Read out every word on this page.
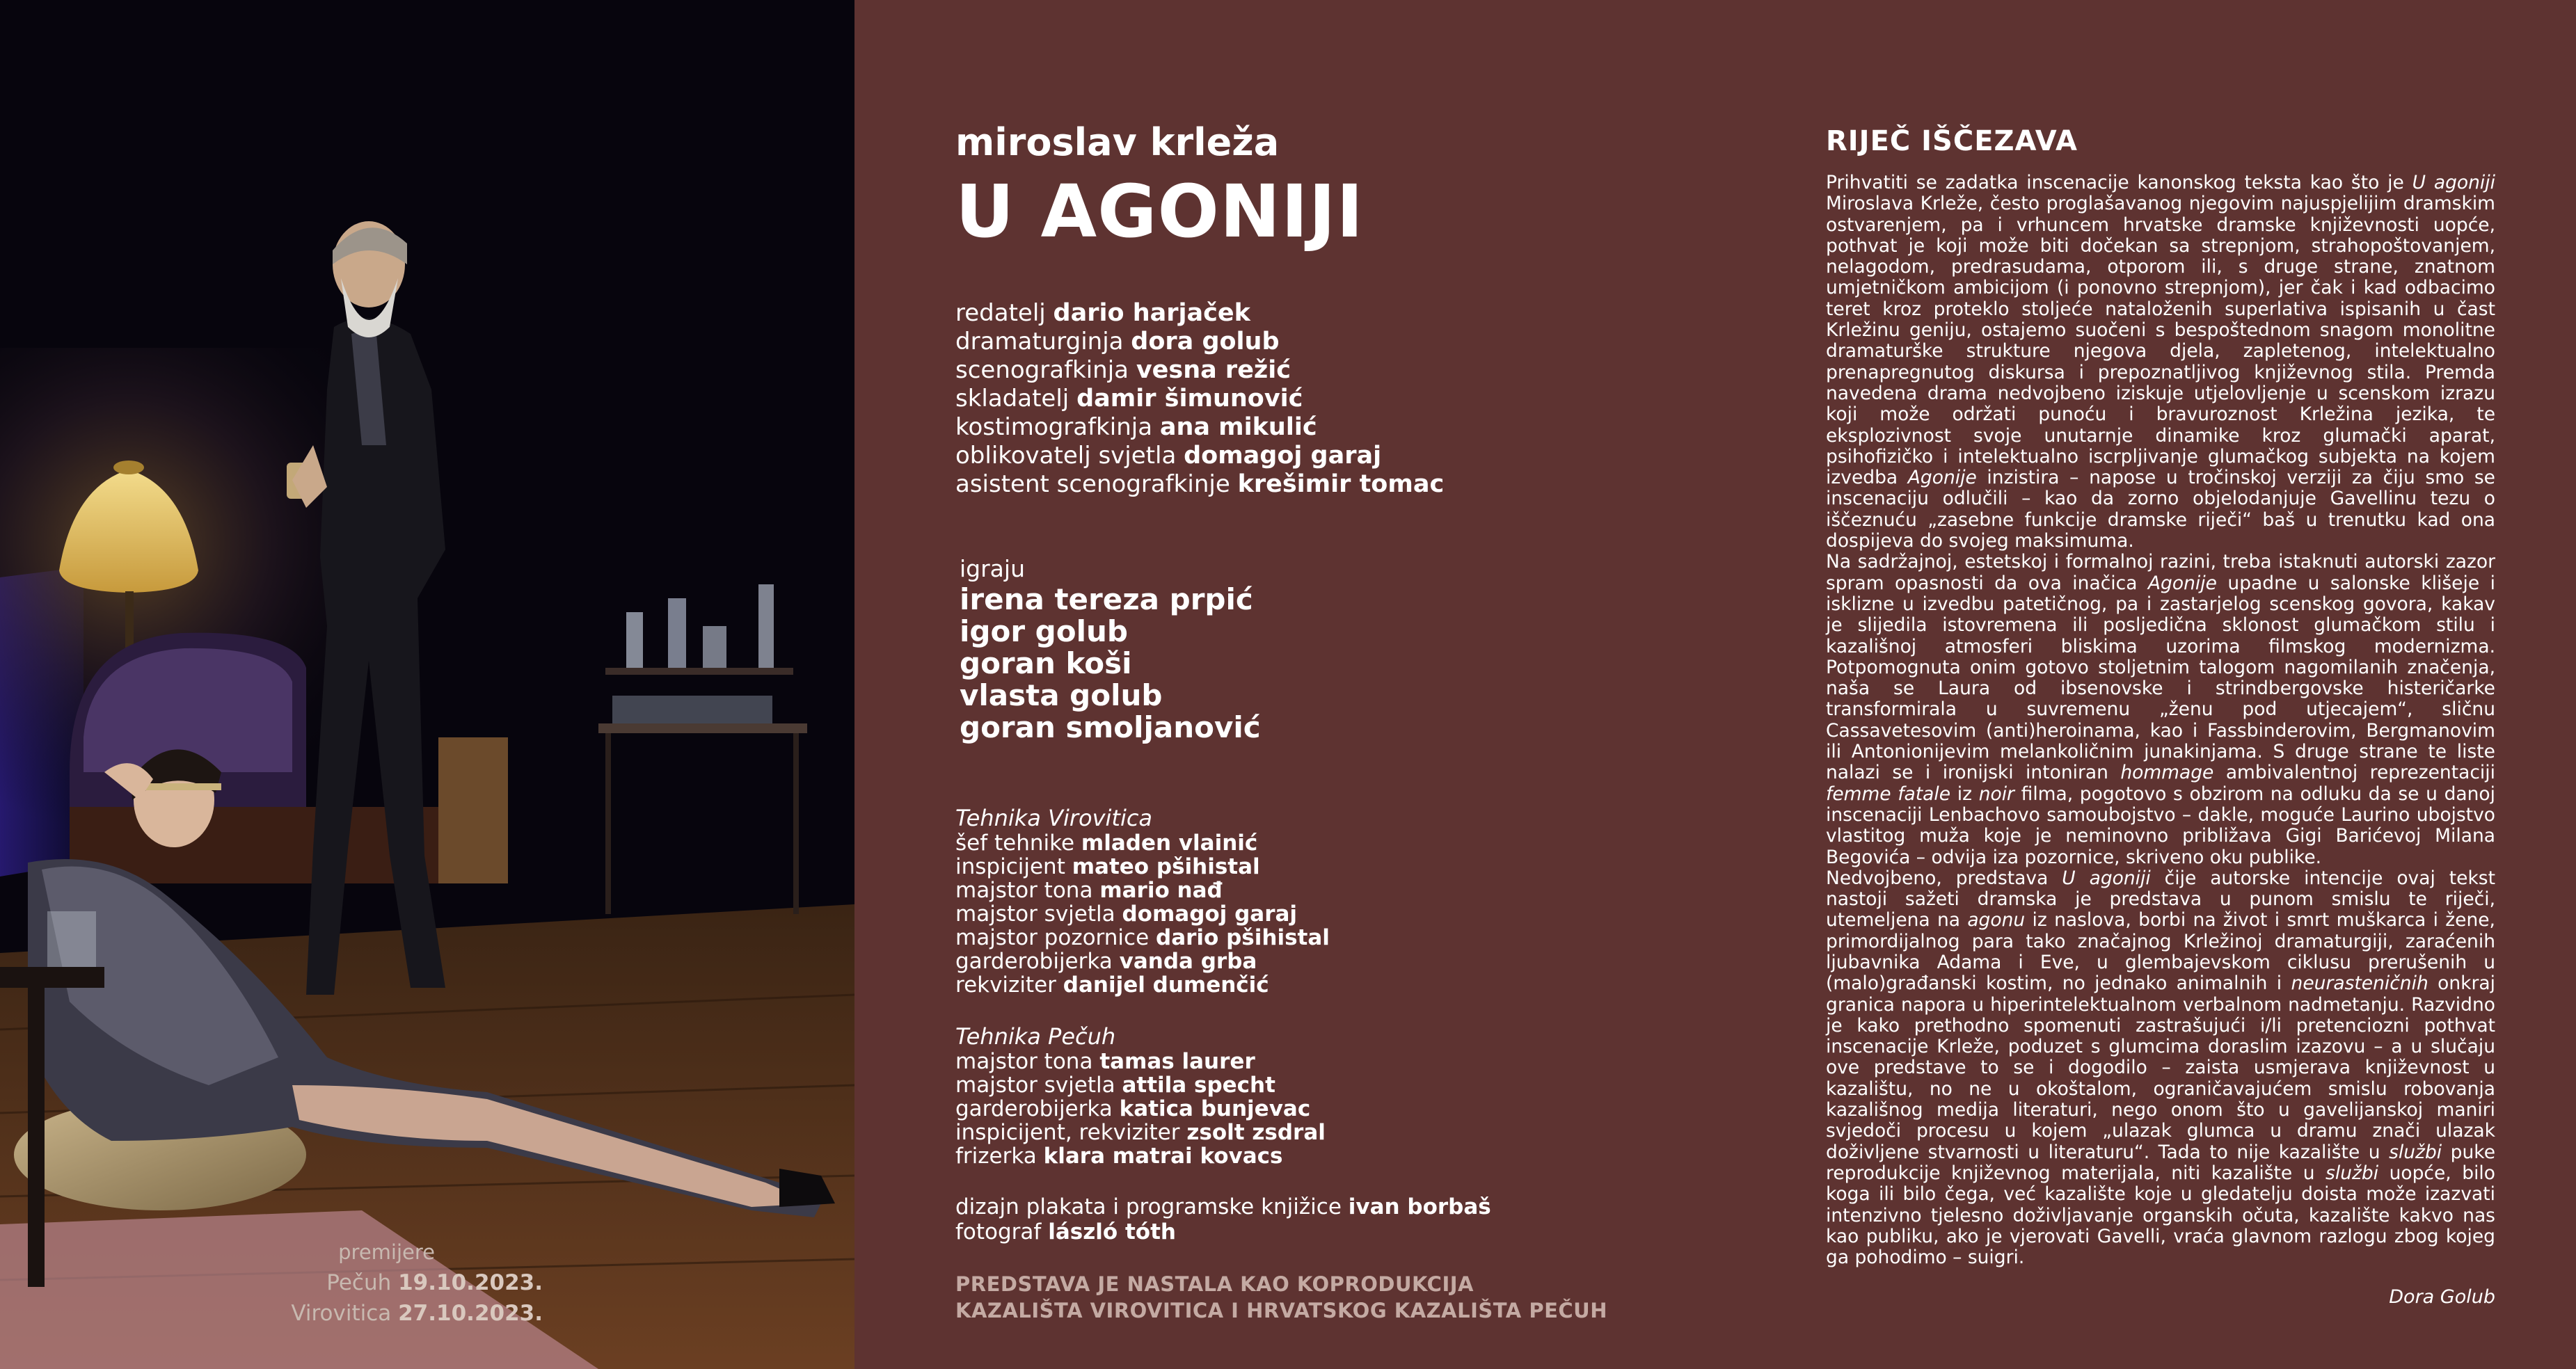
premijere
Pečuh 19.10.2023.
Virovitica 27.10.2023.
miroslav krleža
U AGONIJI
redatelj dario harjaček
dramaturginja dora golub
scenografkinja vesna režić
skladatelj damir šimunović
kostimografkinja ana mikulić
oblikovatelj svjetla domagoj garaj
asistent scenografkinje krešimir tomac
igraju
irena tereza prpić
igor golub
goran koši
vlasta golub
goran smoljanović
Tehnika Virovitica
šef tehnike mladen vlainić
inspicijent mateo pšihistal
majstor tona mario nađ
majstor svjetla domagoj garaj
majstor pozornice dario pšihistal
garderobijerka vanda grba
rekviziter danijel dumenčić
Tehnika Pečuh
majstor tona tamas laurer
majstor svjetla attila specht
garderobijerka katica bunjevac
inspicijent, rekviziter zsolt zsdral
frizerka klara matrai kovacs
dizajn plakata i programske knjižice ivan borbaš
fotograf lászló tóth
PREDSTAVA JE NASTALA KAO KOPRODUKCIJA
KAZALIŠTA VIROVITICA I HRVATSKOG KAZALIŠTA PEČUH
RIJEČ IŠČEZAVA

Prihvatiti se zadatka inscenacije kanonskog teksta kao što je U agoniji Miroslava Krleže, često proglašavanog njegovim najuspjelijim dramskim ostvarenjem, pa i vrhuncem hrvatske dramske književnosti uopće, pothvat je koji može biti dočekan sa strepnjom, strahopoštovanjem, nelagodom, predrasudama, otporom ili, s druge strane, znatnom umjetničkom ambicijom (i ponovno strepnjom), jer čak i kad odbacimo teret kroz proteklo stoljeće nataloženih superlativa ispisanih u čast Krležinu geniju, ostajemo suočeni s bespoštednom snagom monolitne dramaturške strukture njegova djela, zapletenog, intelektualno prenapregnutog diskursa i prepoznatljivog književnog stila. Premda navedena drama nedvojbeno iziskuje utjelovljenje u scenskom izrazu koji može održati punoću i bravuroznost Krležina jezika, te eksplozivnost svoje unutarnje dinamike kroz glumački aparat, psihofizičko i intelektualno iscrpljivanje glumačkog subjekta na kojem izvedba Agonije inzistira – napose u tročinskoj verziji za čiju smo se inscenaciju odlučili – kao da zorno objelodanjuje Gavellinu tezu o iščeznuću „zasebne funkcije dramske riječi“ baš u trenutku kad ona dospijeva do svojeg maksimuma.

Na sadržajnoj, estetskoj i formalnoj razini, treba istaknuti autorski zazor spram opasnosti da ova inačica Agonije upadne u salonske klišeje i isklizne u izvedbu patetičnog, pa i zastarjelog scenskog govora, kakav je slijedila istovremena ili posljedična sklonost glumačkom stilu i kazališnoj atmosferi bliskima uzorima filmskog modernizma. Potpomognuta onim gotovo stoljetnim talogom nagomilanih značenja, naša se Laura od ibsenovske i strindbergovske histeričarke transformirala u suvremenu „ženu pod utjecajem“, sličnu Cassavetesovim (anti)heroinama, kao i Fassbinderovim, Bergmanovim ili Antonionijevim melankoličnim junakinjama. S druge strane te liste nalazi se i ironijski intoniran hommage ambivalentnoj reprezentaciji femme fatale iz noir filma, pogotovo s obzirom na odluku da se u danoj inscenaciji Lenbachovo samoubojstvo – dakle, moguće Laurino ubojstvo vlastitog muža koje je neminovno približava Gigi Barićevoj Milana Begovića – odvija iza pozornice, skriveno oku publike.

Nedvojbeno, predstava U agoniji čije autorske intencije ovaj tekst nastoji sažeti dramska je predstava u punom smislu te riječi, utemeljena na agonu iz naslova, borbi na život i smrt muškarca i žene, primordijalnog para tako značajnog Krležinoj dramaturgiji, zaraćenih ljubavnika Adama i Eve, u glembajevskom ciklusu prerušenih u (malo)građanski kostim, no jednako animalnih i neurasteničnih onkraj granica napora u hiperintelektualnom verbalnom nadmetanju. Razvidno je kako prethodno spomenuti zastrašujući i/li pretenciozni pothvat inscenacije Krleže, poduzet s glumcima doraslim izazovu – a u slučaju ove predstave to se i dogodilo – zaista usmjerava književnost u kazalištu, no ne u okoštalom, ograničavajućem smislu robovanja kazališnog medija literaturi, nego onom što u gavelijanskoj maniri svjedoči procesu u kojem „ulazak glumca u dramu znači ulazak doživljene stvarnosti u literaturu“. Tada to nije kazalište u službi puke reprodukcije književnog materijala, niti kazalište u službi uopće, bilo koga ili bilo čega, već kazalište koje u gledatelju doista može izazvati intenzivno tjelesno doživljavanje organskih očuta, kazalište kakvo nas kao publiku, ako je vjerovati Gavelli, vraća glavnom razlogu zbog kojeg ga pohodimo – suigri.

Dora Golub
